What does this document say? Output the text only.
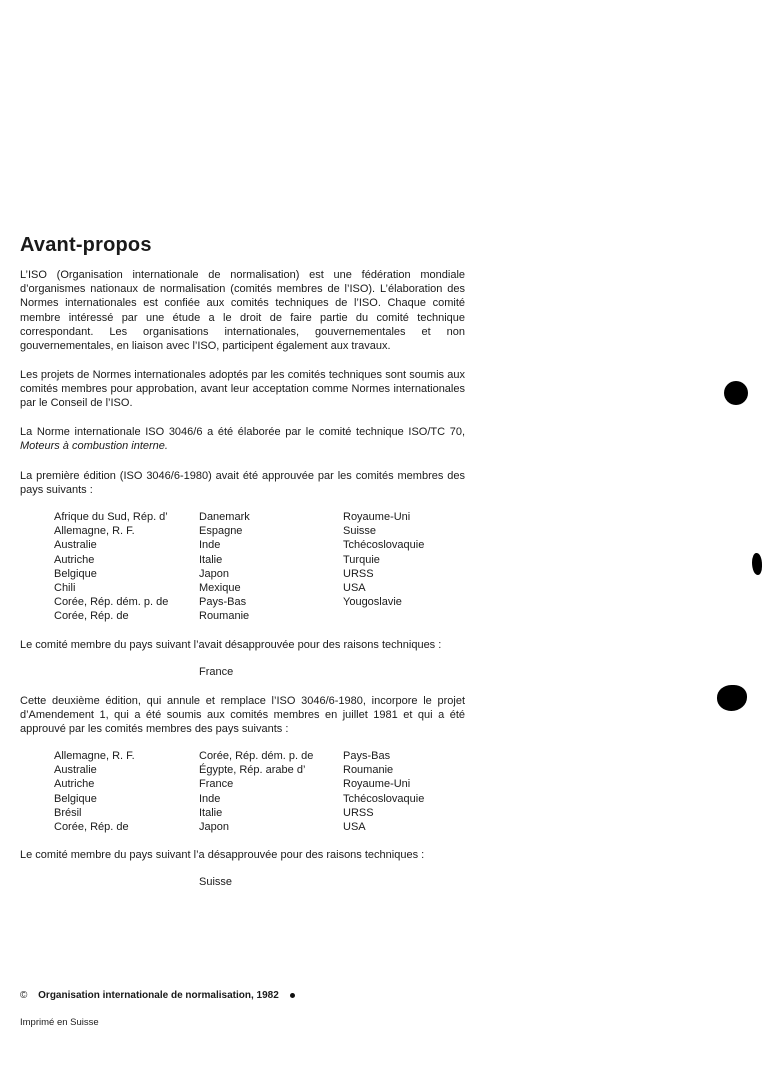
Avant-propos

L’ISO (Organisation internationale de normalisation) est une fédération mondiale d’organismes nationaux de normalisation (comités membres de l’ISO). L’élaboration des Normes internationales est confiée aux comités techniques de l’ISO. Chaque comité membre intéressé par une étude a le droit de faire partie du comité technique correspondant. Les organisations internationales, gouvernementales et non gouvernementales, en liaison avec l’ISO, participent également aux travaux.

Les projets de Normes internationales adoptés par les comités techniques sont soumis aux comités membres pour approbation, avant leur acceptation comme Normes internationales par le Conseil de l’ISO.

La Norme internationale ISO 3046/6 a été élaborée par le comité technique ISO/TC 70, Moteurs à combustion interne.

La première édition (ISO 3046/6-1980) avait été approuvée par les comités membres des pays suivants :

Afrique du Sud, Rép. d’
Allemagne, R. F.
Australie
Autriche
Belgique
Chili
Corée, Rép. dém. p. de
Corée, Rép. de
Danemark
Espagne
Inde
Italie
Japon
Mexique
Pays-Bas
Roumanie
Royaume-Uni
Suisse
Tchécoslovaquie
Turquie
URSS
USA
Yougoslavie

Le comité membre du pays suivant l’avait désapprouvée pour des raisons techniques :

France

Cette deuxième édition, qui annule et remplace l’ISO 3046/6-1980, incorpore le projet d’Amendement 1, qui a été soumis aux comités membres en juillet 1981 et qui a été approuvé par les comités membres des pays suivants :

Allemagne, R. F.
Australie
Autriche
Belgique
Brésil
Corée, Rép. de
Corée, Rép. dém. p. de
Égypte, Rép. arabe d’
France
Inde
Italie
Japon
Pays-Bas
Roumanie
Royaume-Uni
Tchécoslovaquie
URSS
USA

Le comité membre du pays suivant l’a désapprouvée pour des raisons techniques :

Suisse
© Organisation internationale de normalisation, 1982
Imprimé en Suisse
